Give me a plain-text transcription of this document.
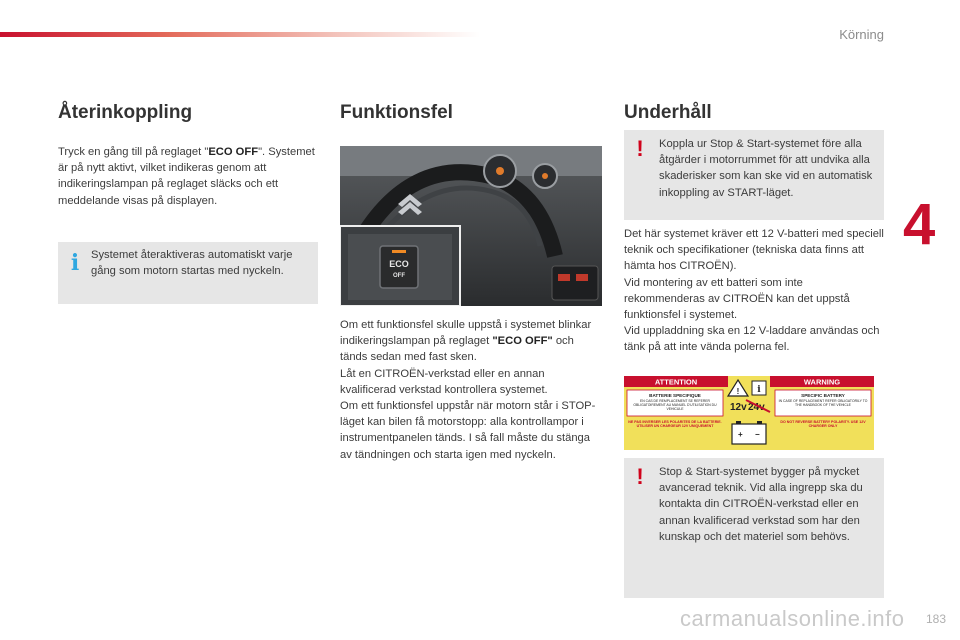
Körning
4
183
carmanualsonline.info
Återinkoppling

Tryck en gång till på reglaget "ECO OFF". Systemet är på nytt aktivt, vilket indikeras genom att indikeringslampan på reglaget släcks och ett meddelande visas på displayen.

i Systemet återaktiveras automatiskt varje gång som motorn startas med nyckeln.

Funktionsfel
ECO
OFF

Om ett funktionsfel skulle uppstå i systemet blinkar indikeringslampan på reglaget "ECO OFF" och tänds sedan med fast sken.
Låt en CITROËN-verkstad eller en annan kvalificerad verkstad kontrollera systemet.
Om ett funktionsfel uppstår när motorn står i STOP-läget kan bilen få motorstopp: alla kontrollampor i instrumentpanelen tänds. I så fall måste du stänga av tändningen och starta igen med nyckeln.

Underhåll
!	Koppla ur Stop & Start-systemet före alla åtgärder i motorrummet för att undvika alla skaderisker som kan ske vid en automatisk inkoppling av START-läget.

Det här systemet kräver ett 12 V-batteri med speciell teknik och specifikationer (tekniska data finns att hämta hos CITROËN).
Vid montering av ett batteri som inte rekommenderas av CITROËN kan det uppstå funktionsfel i systemet.
Vid uppladdning ska en 12 V-laddare användas och tänk på att inte vända polerna fel.

ATTENTION	WARNING
BATTERIE SPECIFIQUE
EN CAS DE REMPLACEMENT SE REFERER OBLIGATOIREMENT AU MANUEL D'UTILISATION DU VEHICULE
SPECIFIC BATTERY
IN CASE OF REPLACEMENT REFER OBLIGATORILY TO THE HANDBOOK OF THE VEHICLE
NE PAS INVERSER LES POLARITES DE LA BATTERIE. UTILISER UN CHARGEUR 12V UNIQUEMENT
DO NOT REVERSE BATTERY POLARITY. USE 12V CHARGER ONLY
! i
12v 24v
+ −
!	Stop & Start-systemet bygger på mycket avancerad teknik. Vid alla ingrepp ska du kontakta din CITROËN-verkstad eller en annan kvalificerad verkstad som har den kunskap och det materiel som behövs.
